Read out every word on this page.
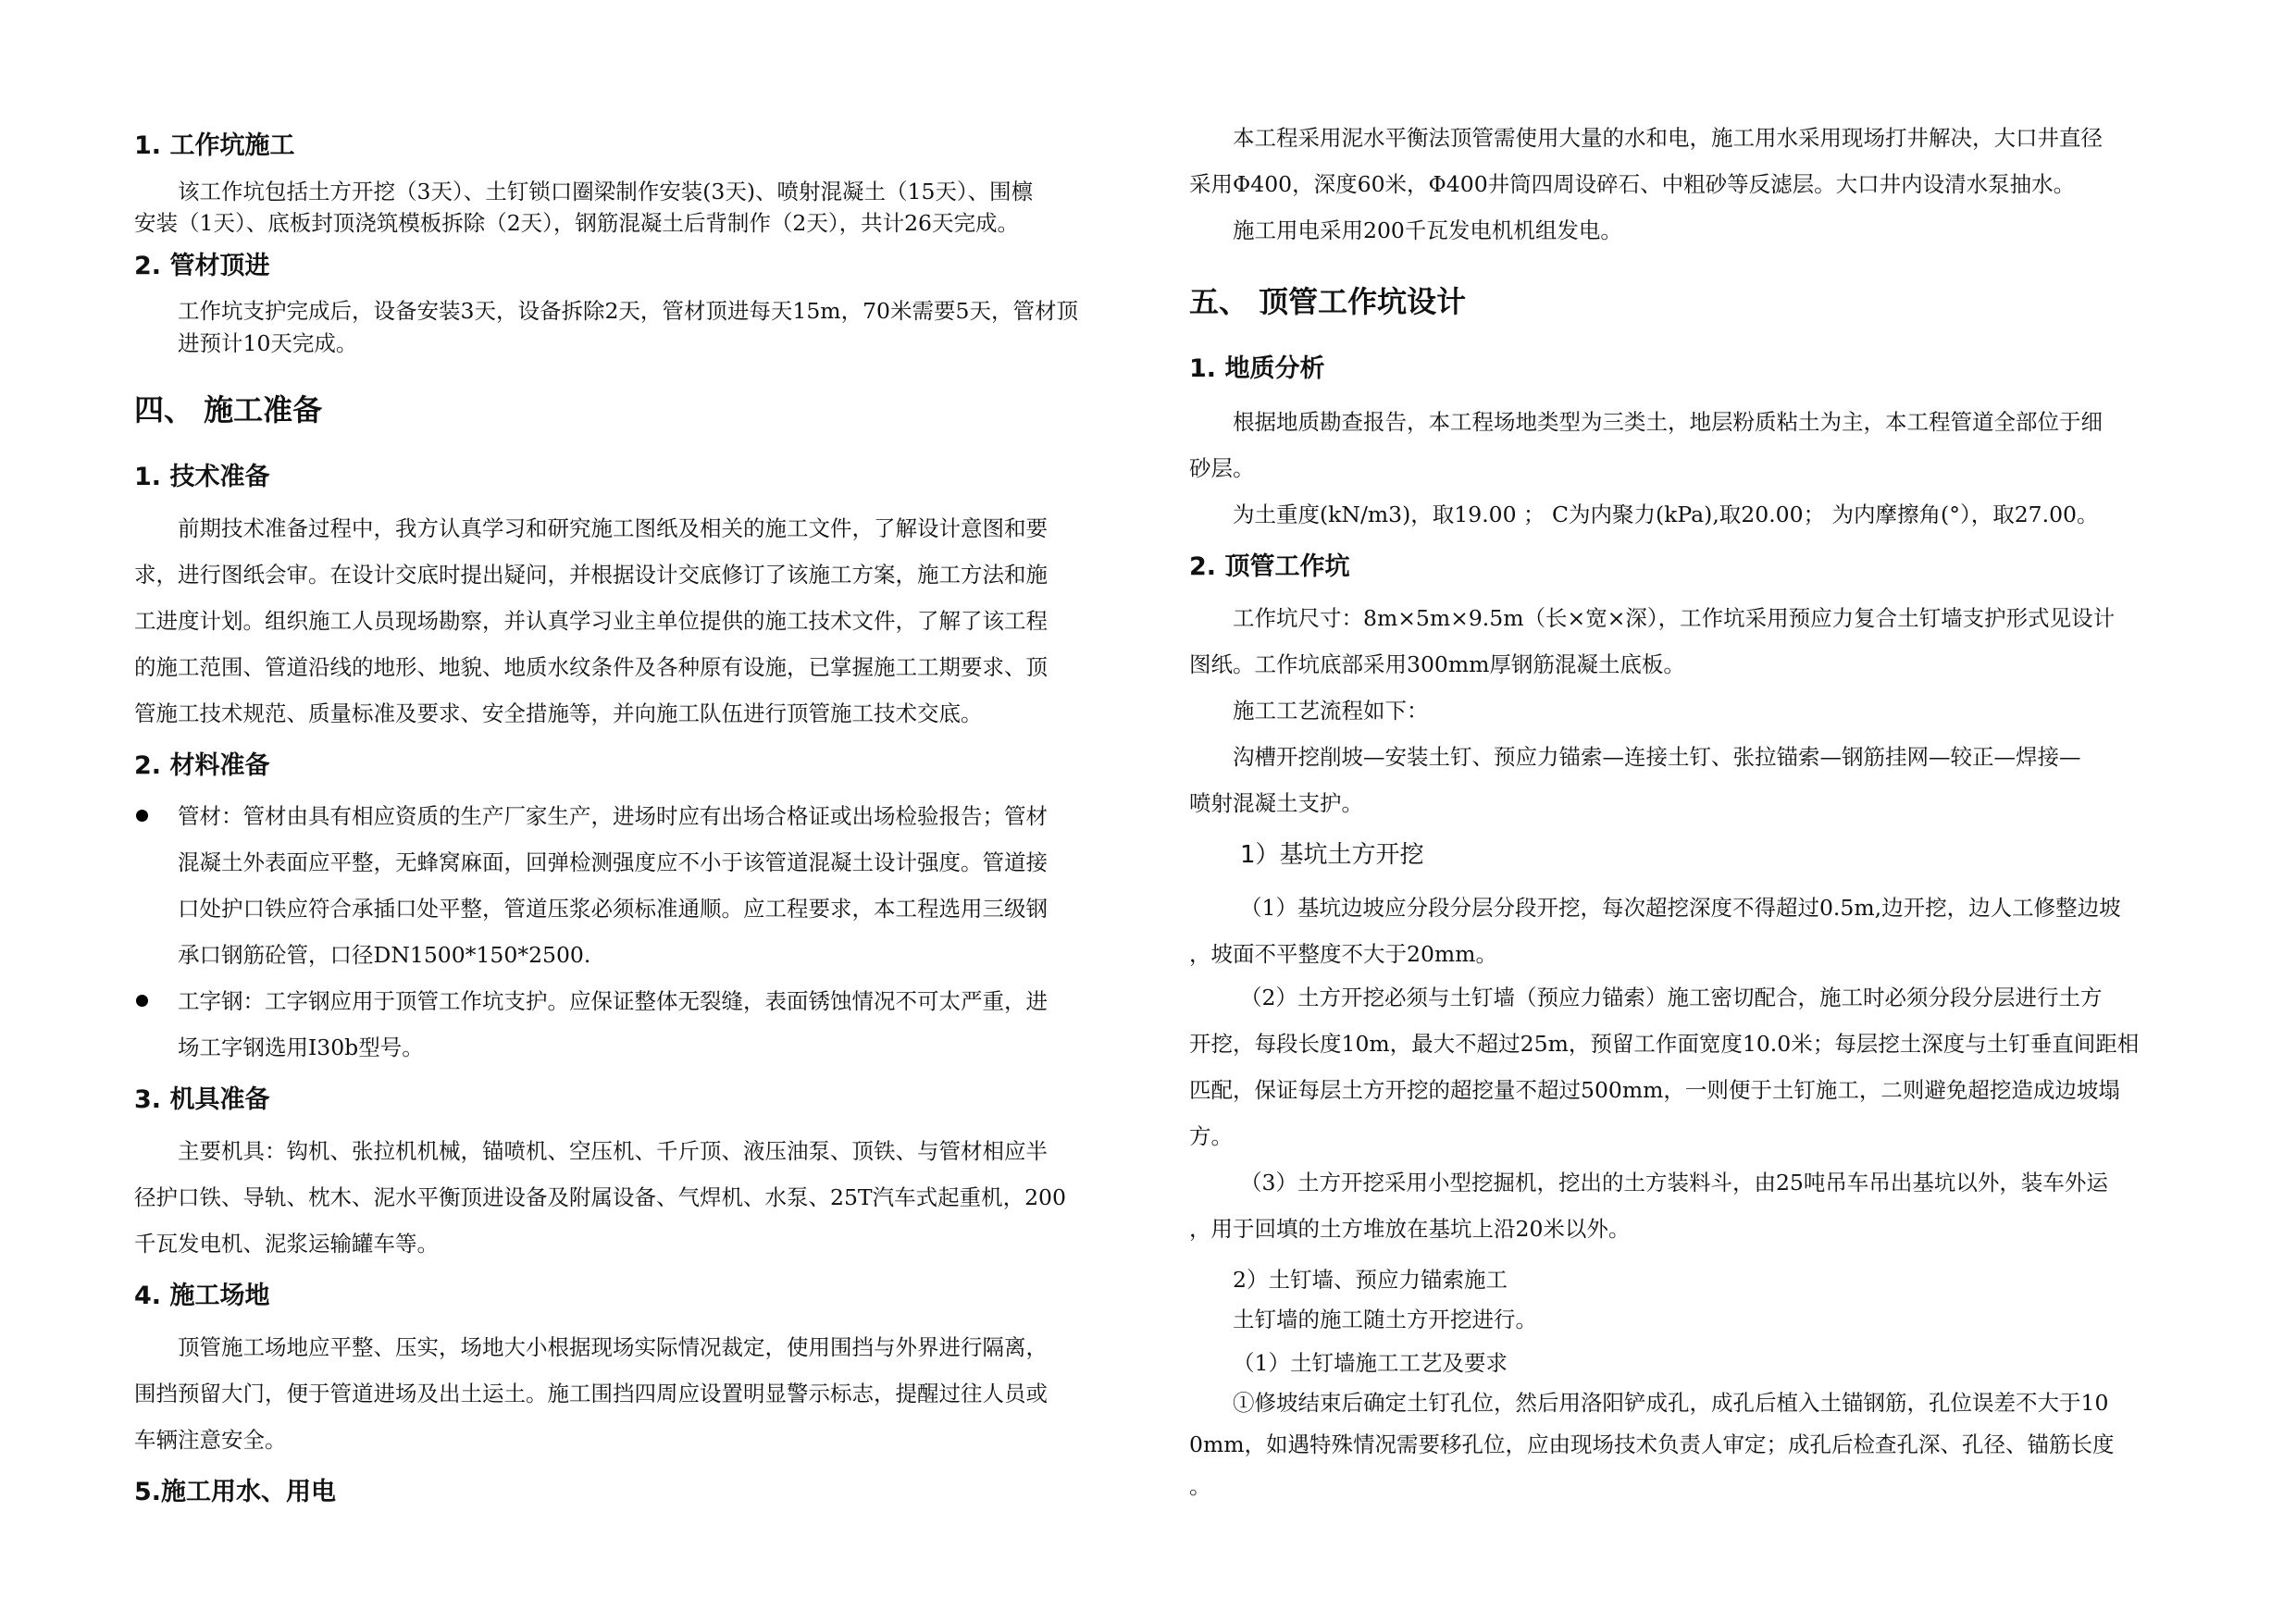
1. 工作坑施工
该工作坑包括土方开挖（3天）、土钉锁口圈梁制作安装(3天)、喷射混凝土（15天）、围檩
安装（1天）、底板封顶浇筑模板拆除（2天），钢筋混凝土后背制作（2天），共计26天完成。
2. 管材顶进
工作坑支护完成后，设备安装3天，设备拆除2天，管材顶进每天15m，70米需要5天，管材顶
进预计10天完成。
四、 施工准备
1. 技术准备
前期技术准备过程中，我方认真学习和研究施工图纸及相关的施工文件，了解设计意图和要
求，进行图纸会审。在设计交底时提出疑问，并根据设计交底修订了该施工方案，施工方法和施
工进度计划。组织施工人员现场勘察，并认真学习业主单位提供的施工技术文件，了解了该工程
的施工范围、管道沿线的地形、地貌、地质水纹条件及各种原有设施，已掌握施工工期要求、顶
管施工技术规范、质量标准及要求、安全措施等，并向施工队伍进行顶管施工技术交底。
2. 材料准备
管材：管材由具有相应资质的生产厂家生产，进场时应有出场合格证或出场检验报告；管材
混凝土外表面应平整，无蜂窝麻面，回弹检测强度应不小于该管道混凝土设计强度。管道接
口处护口铁应符合承插口处平整，管道压浆必须标准通顺。应工程要求，本工程选用三级钢
承口钢筋砼管，口径DN1500*150*2500.
工字钢：工字钢应用于顶管工作坑支护。应保证整体无裂缝，表面锈蚀情况不可太严重，进
场工字钢选用I30b型号。
3. 机具准备
主要机具：钩机、张拉机机械，锚喷机、空压机、千斤顶、液压油泵、顶铁、与管材相应半
径护口铁、导轨、枕木、泥水平衡顶进设备及附属设备、气焊机、水泵、25T汽车式起重机，200
千瓦发电机、泥浆运输罐车等。
4. 施工场地
顶管施工场地应平整、压实，场地大小根据现场实际情况裁定，使用围挡与外界进行隔离，
围挡预留大门，便于管道进场及出土运土。施工围挡四周应设置明显警示标志，提醒过往人员或
车辆注意安全。
5.施工用水、用电
本工程采用泥水平衡法顶管需使用大量的水和电，施工用水采用现场打井解决，大口井直径
采用Φ400，深度60米，Φ400井筒四周设碎石、中粗砂等反滤层。大口井内设清水泵抽水。
施工用电采用200千瓦发电机机组发电。
五、 顶管工作坑设计
1. 地质分析
根据地质勘查报告，本工程场地类型为三类土，地层粉质粘土为主，本工程管道全部位于细
砂层。
为土重度(kN/m3)，取19.00 ； C为内聚力(kPa),取20.00； 为内摩擦角(°），取27.00。
2. 顶管工作坑
工作坑尺寸：8m×5m×9.5m（长×宽×深），工作坑采用预应力复合土钉墙支护形式见设计
图纸。工作坑底部采用300mm厚钢筋混凝土底板。
施工工艺流程如下：
沟槽开挖削坡—安装土钉、预应力锚索—连接土钉、张拉锚索—钢筋挂网—较正—焊接—
喷射混凝土支护。
1）基坑土方开挖
（1）基坑边坡应分段分层分段开挖，每次超挖深度不得超过0.5m,边开挖，边人工修整边坡
，坡面不平整度不大于20mm。
（2）土方开挖必须与土钉墙（预应力锚索）施工密切配合，施工时必须分段分层进行土方
开挖，每段长度10m，最大不超过25m，预留工作面宽度10.0米；每层挖土深度与土钉垂直间距相
匹配，保证每层土方开挖的超挖量不超过500mm，一则便于土钉施工，二则避免超挖造成边坡塌
方。
（3）土方开挖采用小型挖掘机，挖出的土方装料斗，由25吨吊车吊出基坑以外，装车外运
，用于回填的土方堆放在基坑上沿20米以外。
2）土钉墙、预应力锚索施工
土钉墙的施工随土方开挖进行。
（1）土钉墙施工工艺及要求
①修坡结束后确定土钉孔位，然后用洛阳铲成孔，成孔后植入土锚钢筋，孔位误差不大于10
0mm，如遇特殊情况需要移孔位，应由现场技术负责人审定；成孔后检查孔深、孔径、锚筋长度
。
